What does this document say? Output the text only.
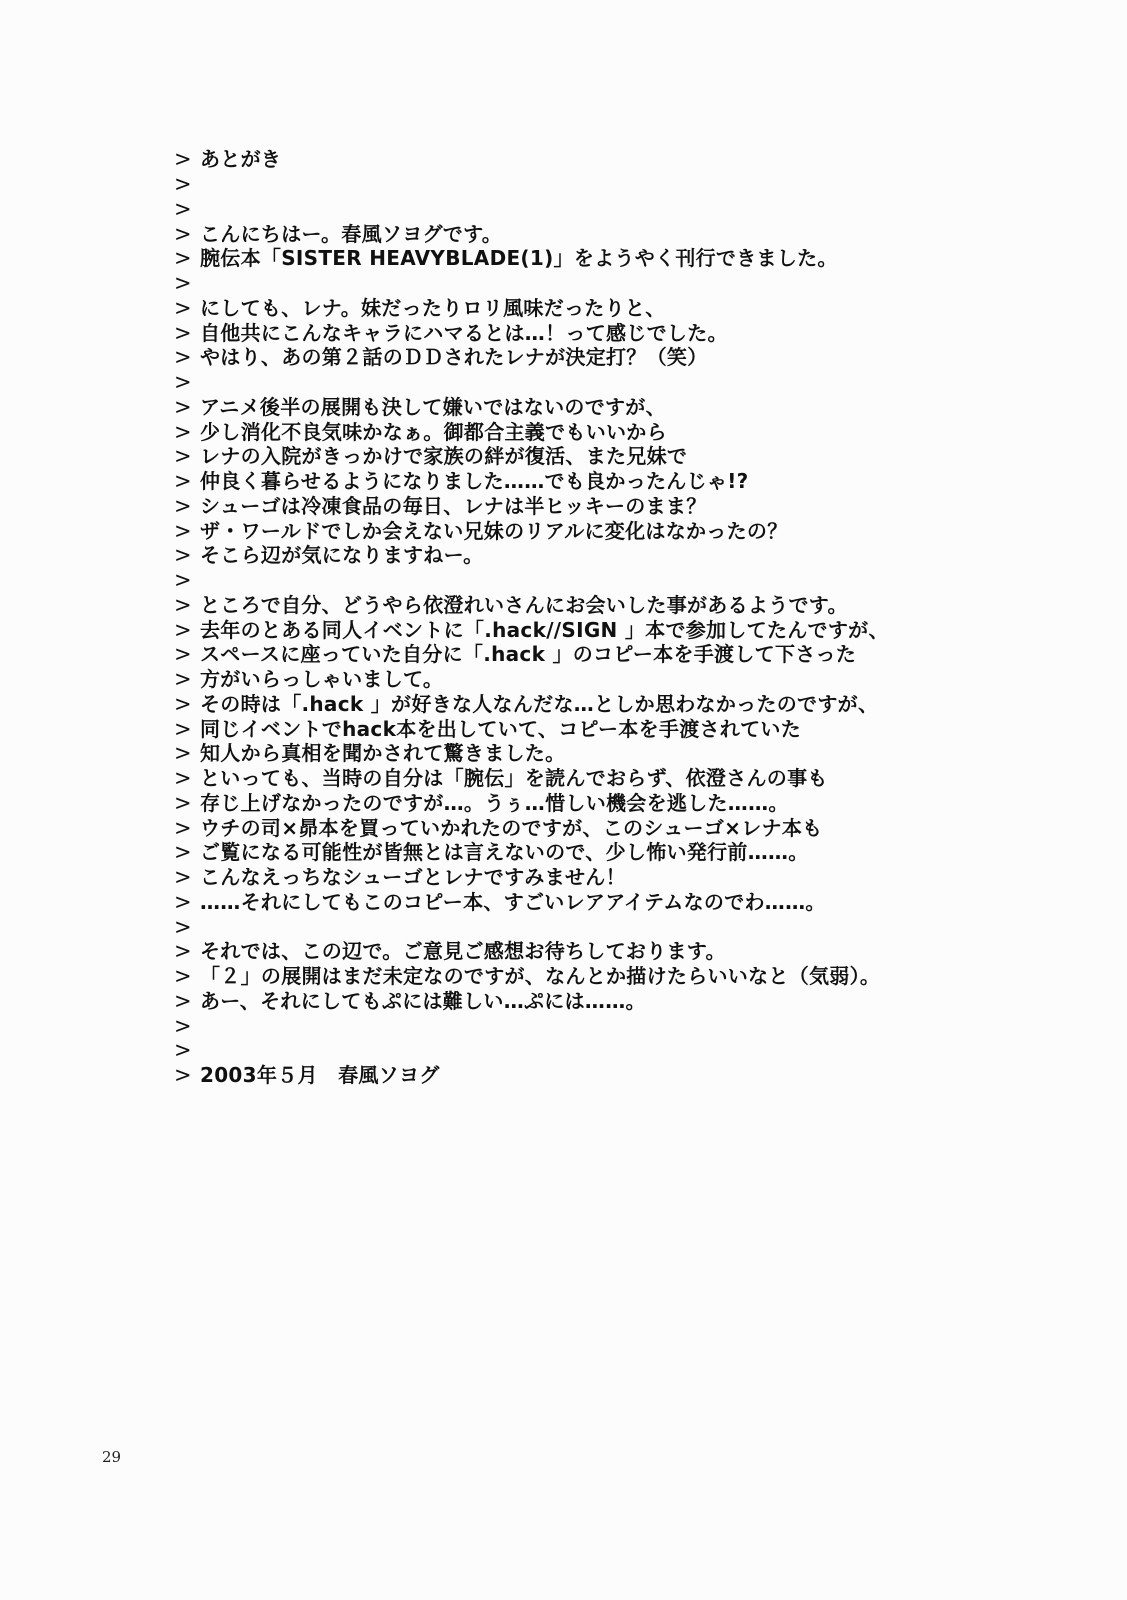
> あとがき
>
>
> こんにちはー。春風ソヨグです。
> 腕伝本「SISTER HEAVYBLADE(1)」をようやく刊行できました。
>
> にしても、レナ。妹だったりロリ風味だったりと、
> 自他共にこんなキャラにハマるとは…！って感じでした。
> やはり、あの第２話のＤＤされたレナが決定打？（笑）
>
> アニメ後半の展開も決して嫌いではないのですが、
> 少し消化不良気味かなぁ。御都合主義でもいいから
> レナの入院がきっかけで家族の絆が復活、また兄妹で
> 仲良く暮らせるようになりました……でも良かったんじゃ!?
> シューゴは冷凍食品の毎日、レナは半ヒッキーのまま？
> ザ・ワールドでしか会えない兄妹のリアルに変化はなかったの？
> そこら辺が気になりますねー。
>
> ところで自分、どうやら依澄れいさんにお会いした事があるようです。
> 去年のとある同人イベントに「.hack//SIGN 」本で参加してたんですが、
> スペースに座っていた自分に「.hack 」のコピー本を手渡して下さった
> 方がいらっしゃいまして。
> その時は「.hack 」が好きな人なんだな…としか思わなかったのですが、
> 同じイベントでhack本を出していて、コピー本を手渡されていた
> 知人から真相を聞かされて驚きました。
> といっても、当時の自分は「腕伝」を読んでおらず、依澄さんの事も
> 存じ上げなかったのですが…。うぅ…惜しい機会を逃した……。
> ウチの司×昴本を買っていかれたのですが、このシューゴ×レナ本も
> ご覧になる可能性が皆無とは言えないので、少し怖い発行前……。
> こんなえっちなシューゴとレナですみません！
> ……それにしてもこのコピー本、すごいレアアイテムなのでわ……。
>
> それでは、この辺で。ご意見ご感想お待ちしております。
> 「２」の展開はまだ未定なのですが、なんとか描けたらいいなと（気弱）。
> あー、それにしてもぷには難しい…ぷには……。
>
>
> 2003年５月　春風ソヨグ
29
